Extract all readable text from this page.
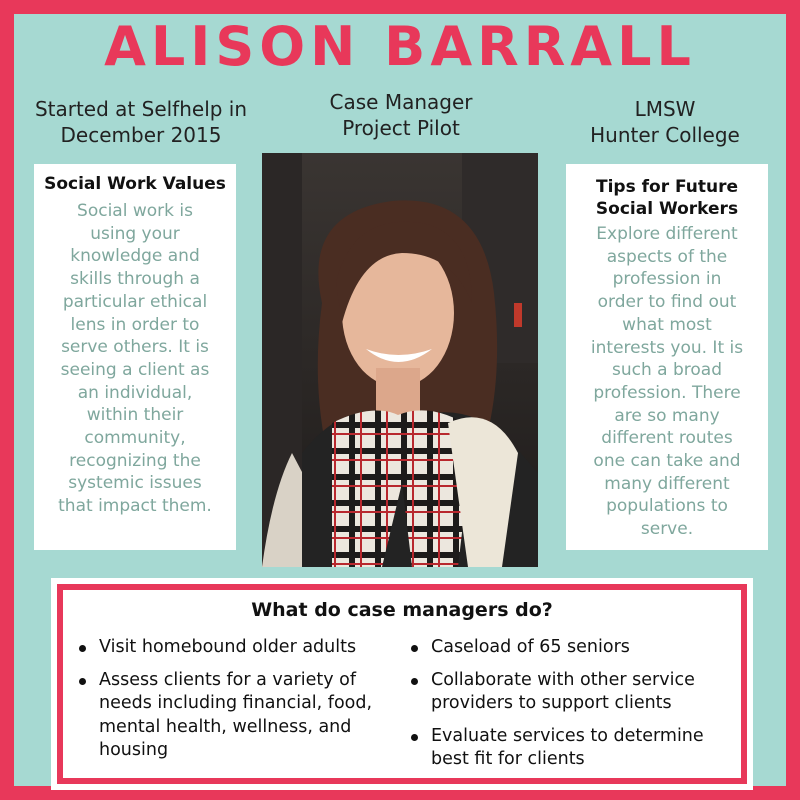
ALISON BARRALL
Started at Selfhelp in
December 2015
Case Manager
Project Pilot
LMSW
Hunter College
Social Work Values
Social work is
using your
knowledge and
skills through a
particular ethical
lens in order to
serve others. It is
seeing a client as
an individual,
within their
community,
recognizing the
systemic issues
that impact them.
Tips for Future
Social Workers
Explore different
aspects of the
profession in
order to find out
what most
interests you. It is
such a broad
profession. There
are so many
different routes
one can take and
many different
populations to
serve.
What do case managers do?
Visit homebound older adults
Assess clients for a variety of
needs including financial, food,
mental health, wellness, and
housing
Caseload of 65 seniors
Collaborate with other service
providers to support clients
Evaluate services to determine
best fit for clients
